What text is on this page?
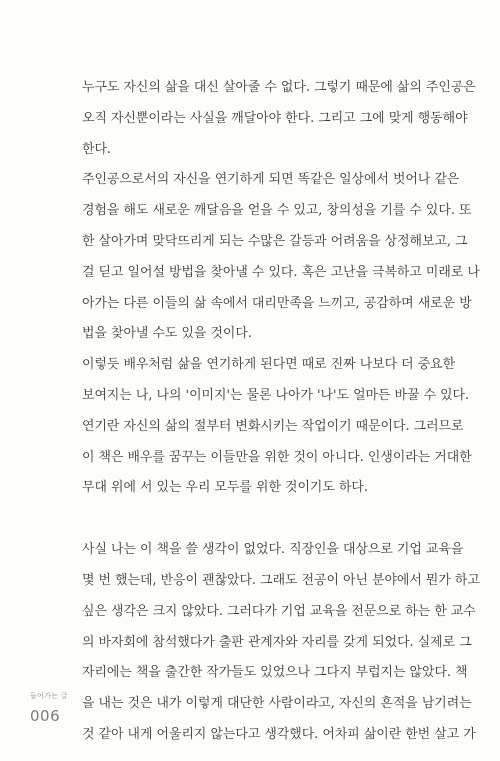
누구도 자신의 삶을 대신 살아줄 수 없다. 그렇기 때문에 삶의 주인공은
오직 자신뿐이라는 사실을 깨달아야 한다. 그리고 그에 맞게 행동해야
한다.

주인공으로서의 자신을 연기하게 되면 똑같은 일상에서 벗어나 같은
경험을 해도 새로운 깨달음을 얻을 수 있고, 창의성을 기를 수 있다. 또
한 살아가며 맞닥뜨리게 되는 수많은 갈등과 어려움을 상정해보고, 그
걸 딛고 일어설 방법을 찾아낼 수 있다. 혹은 고난을 극복하고 미래로 나
아가는 다른 이들의 삶 속에서 대리만족을 느끼고, 공감하며 새로운 방
법을 찾아낼 수도 있을 것이다.

이렇듯 배우처럼 삶을 연기하게 된다면 때로 진짜 나보다 더 중요한
보여지는 나, 나의 '이미지'는 물론 나아가 '나'도 얼마든 바꿀 수 있다.
연기란 자신의 삶의 절부터 변화시키는 작업이기 때문이다. 그러므로
이 책은 배우를 꿈꾸는 이들만을 위한 것이 아니다. 인생이라는 거대한
무대 위에 서 있는 우리 모두를 위한 것이기도 하다.

사실 나는 이 책을 쓸 생각이 없었다. 직장인을 대상으로 기업 교육을
몇 번 했는데, 반응이 괜찮았다. 그래도 전공이 아닌 분야에서 뭔가 하고
싶은 생각은 크지 않았다. 그러다가 기업 교육을 전문으로 하는 한 교수
의 바자회에 참석했다가 출판 관계자와 자리를 갖게 되었다. 실제로 그
자리에는 책을 출간한 작가들도 있었으나 그다지 부럽지는 않았다. 책
을 내는 것은 내가 이렇게 대단한 사람이라고, 자신의 흔적을 남기려는
것 같아 내게 어울리지 않는다고 생각했다. 어차피 삶이란 한번 살고 가

들어가는 글
006
